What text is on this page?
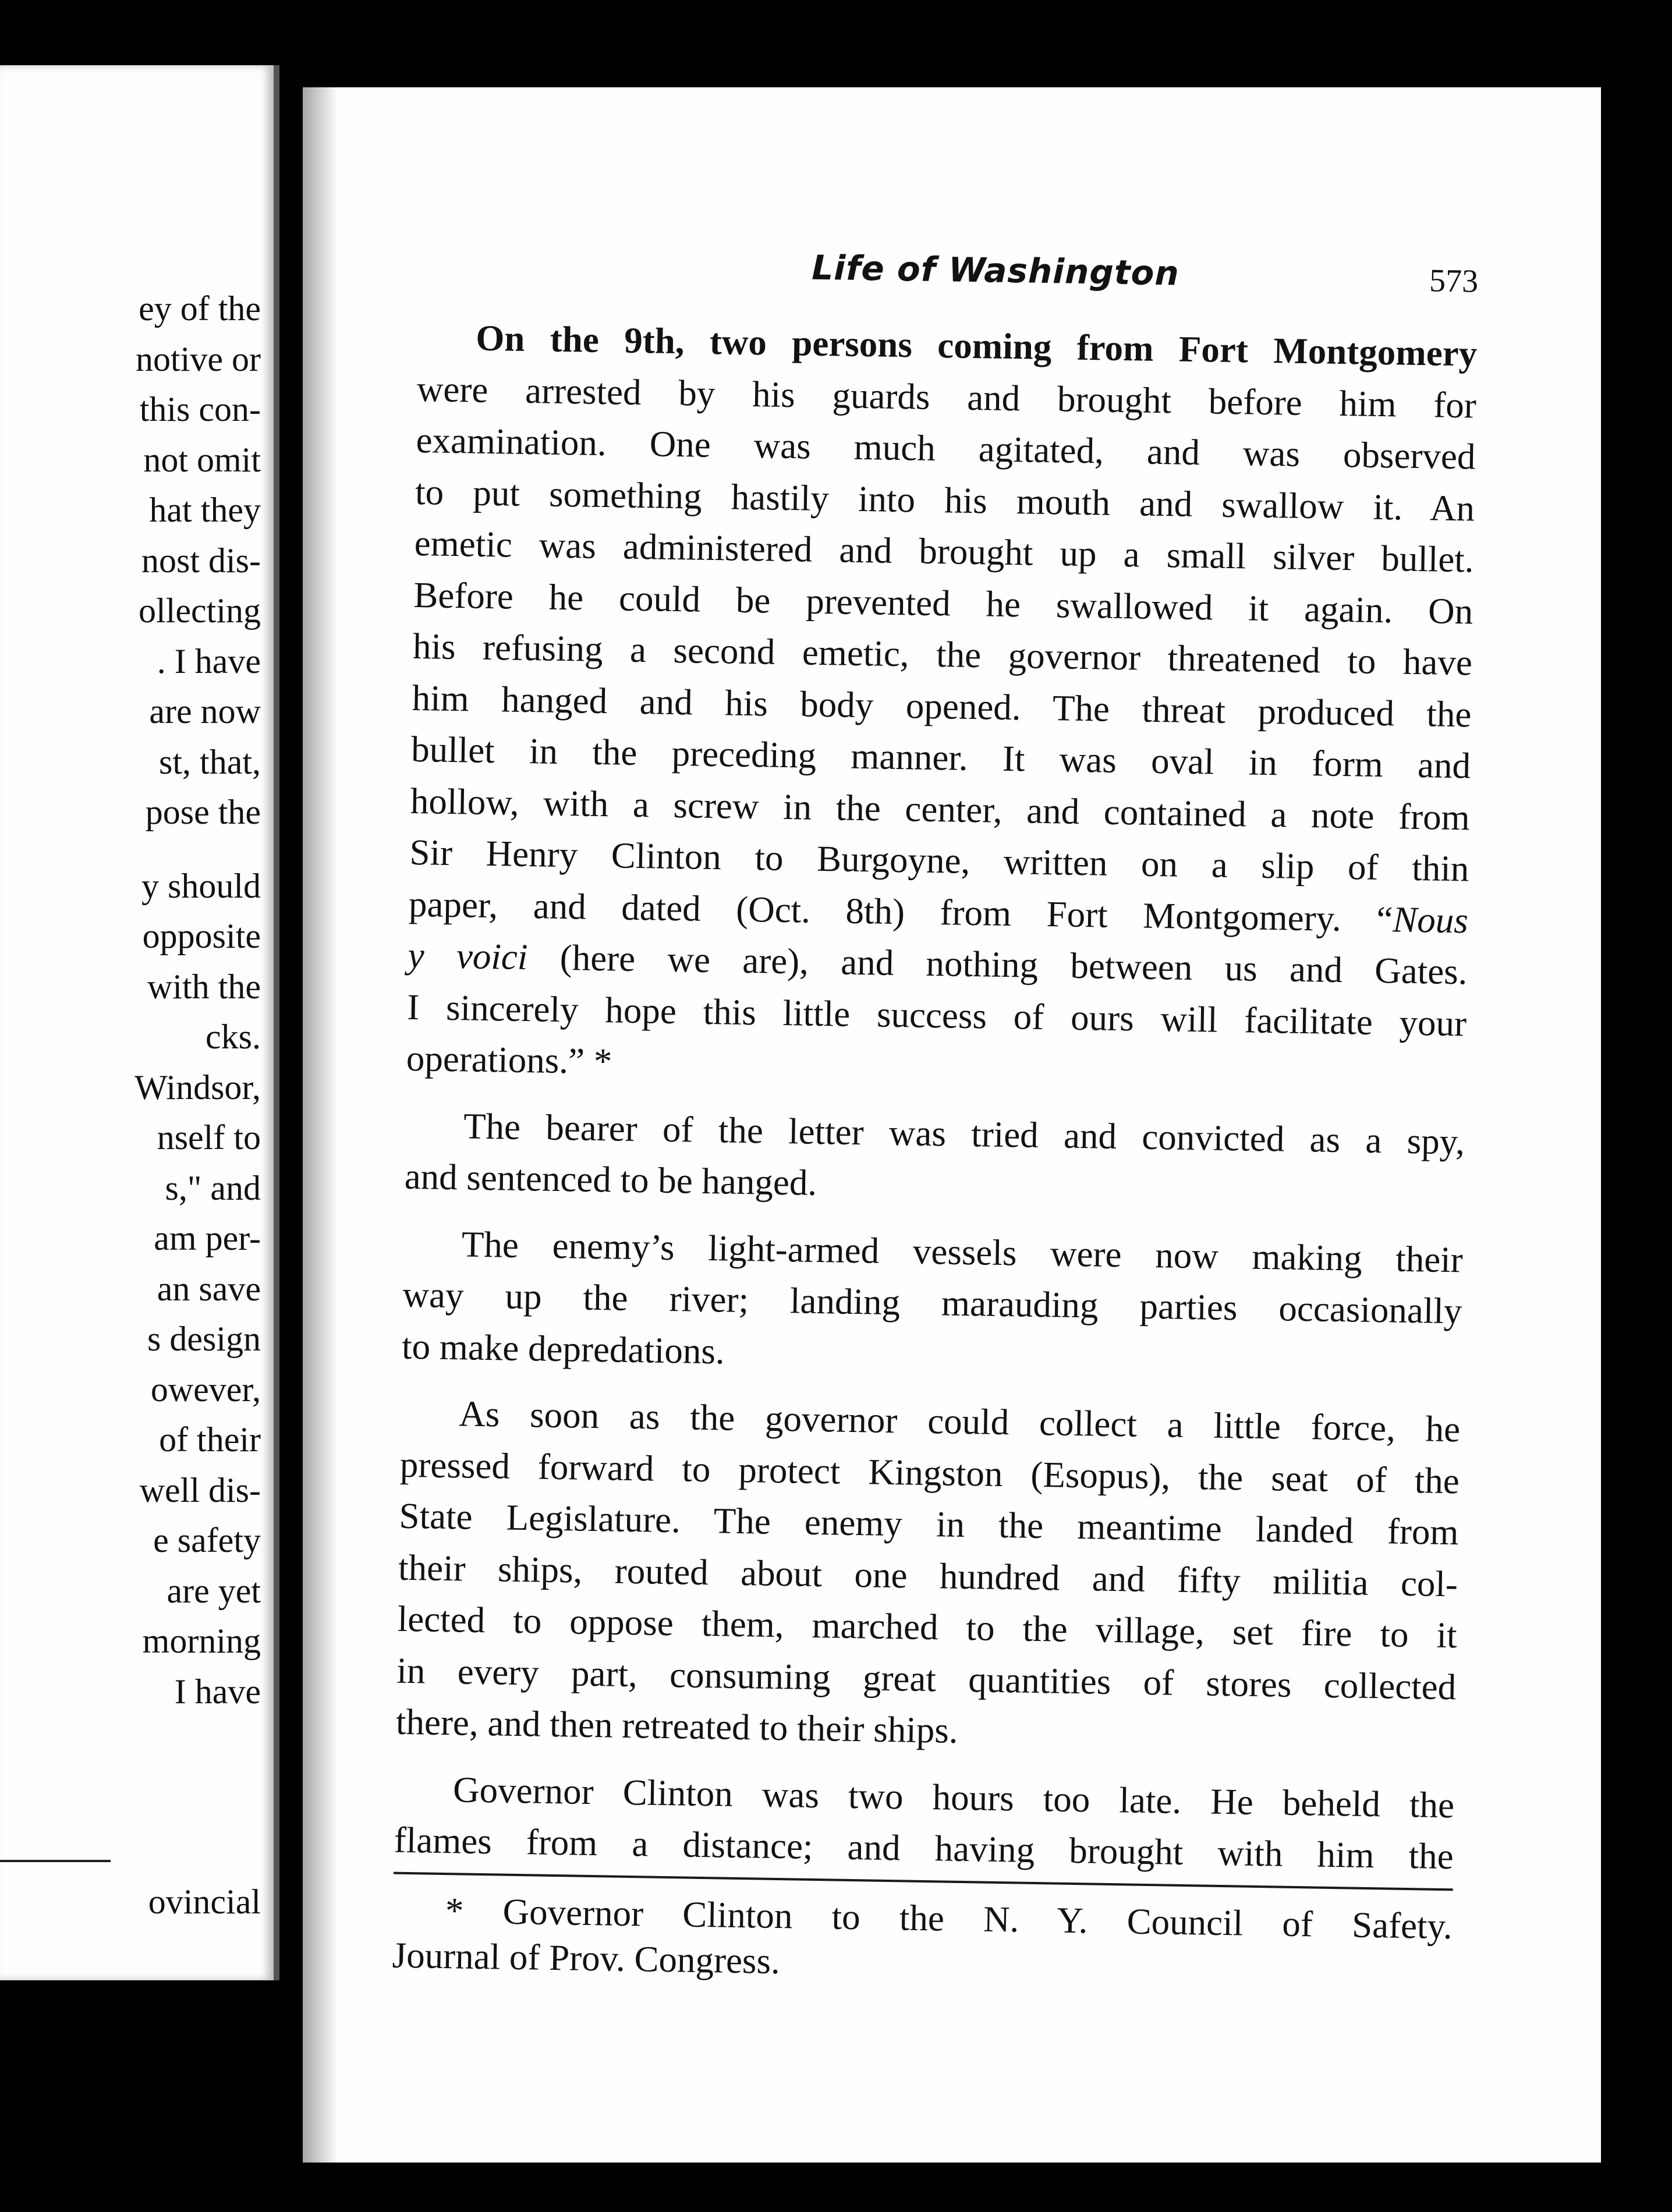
ey of the
notive or
this con-
not omit
hat they
nost dis-
ollecting
. I have
are now
st, that,
pose the
y should
opposite
with the
cks.
Windsor,
nself to
s," and
am per-
an save
s design
owever,
of their
well dis-
e safety
are yet
morning
I have
ovincial
Life of Washington	573
On the 9th, two persons coming from Fort Montgomery
were arrested by his guards and brought before him for
examination. One was much agitated, and was observed
to put something hastily into his mouth and swallow it. An
emetic was administered and brought up a small silver bullet.
Before he could be prevented he swallowed it again. On
his refusing a second emetic, the governor threatened to have
him hanged and his body opened. The threat produced the
bullet in the preceding manner. It was oval in form and
hollow, with a screw in the center, and contained a note from
Sir Henry Clinton to Burgoyne, written on a slip of thin
paper, and dated (Oct. 8th) from Fort Montgomery. “Nous
y voici (here we are), and nothing between us and Gates.
I sincerely hope this little success of ours will facilitate your
operations.” *
The bearer of the letter was tried and convicted as a spy,
and sentenced to be hanged.
The enemy’s light-armed vessels were now making their
way up the river; landing marauding parties occasionally
to make depredations.
As soon as the governor could collect a little force, he
pressed forward to protect Kingston (Esopus), the seat of the
State Legislature. The enemy in the meantime landed from
their ships, routed about one hundred and fifty militia col-
lected to oppose them, marched to the village, set fire to it
in every part, consuming great quantities of stores collected
there, and then retreated to their ships.
Governor Clinton was two hours too late. He beheld the
flames from a distance; and having brought with him the
* Governor Clinton to the N. Y. Council of Safety.
Journal of Prov. Congress.
